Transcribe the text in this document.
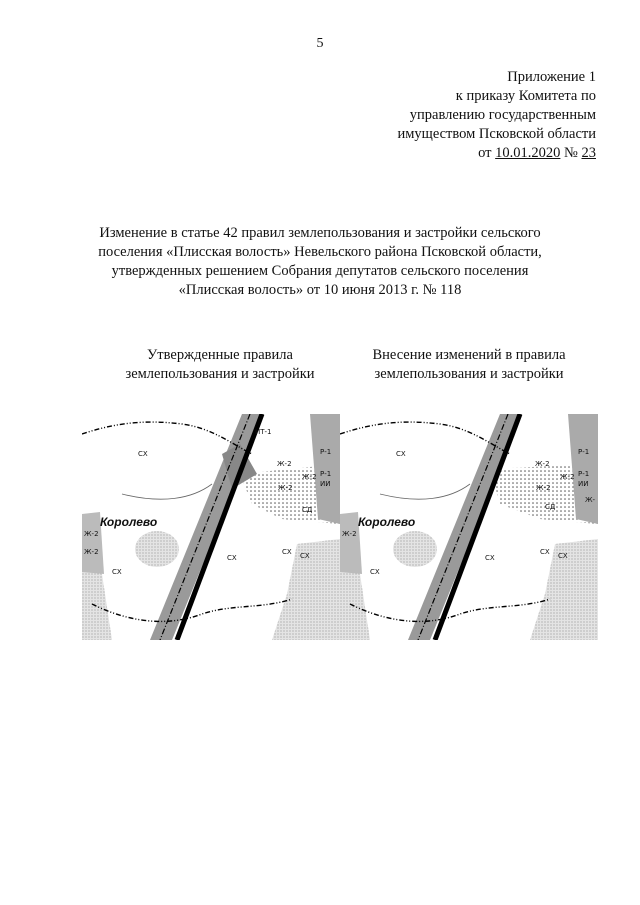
5
Приложение 1
к приказу Комитета по
управлению государственным
имуществом Псковской области
от 10.01.2020 № 23
Изменение в статье 42 правил землепользования и застройки сельского
поселения «Плисская волость» Невельского района Псковской области,
утвержденных решением Собрания депутатов сельского поселения
«Плисская волость» от 10 июня 2013 г. № 118
Утвержденные правила
землепользования и застройки
Внесение изменений в правила
землепользования и застройки
Королево
СХ
СХ
СХ
СХ СХ
Ж-2
Ж-2
Ж-2
Ж-2
Ж-2
Р-1
Р-1
ИТ-1
ИИ
СД
Королево
СХ
СХ
СХ
СХ СХ
Ж-2
Ж-2
Ж-2
Ж-2
Р-1
Р-1
ИИ
СД
Ж-
